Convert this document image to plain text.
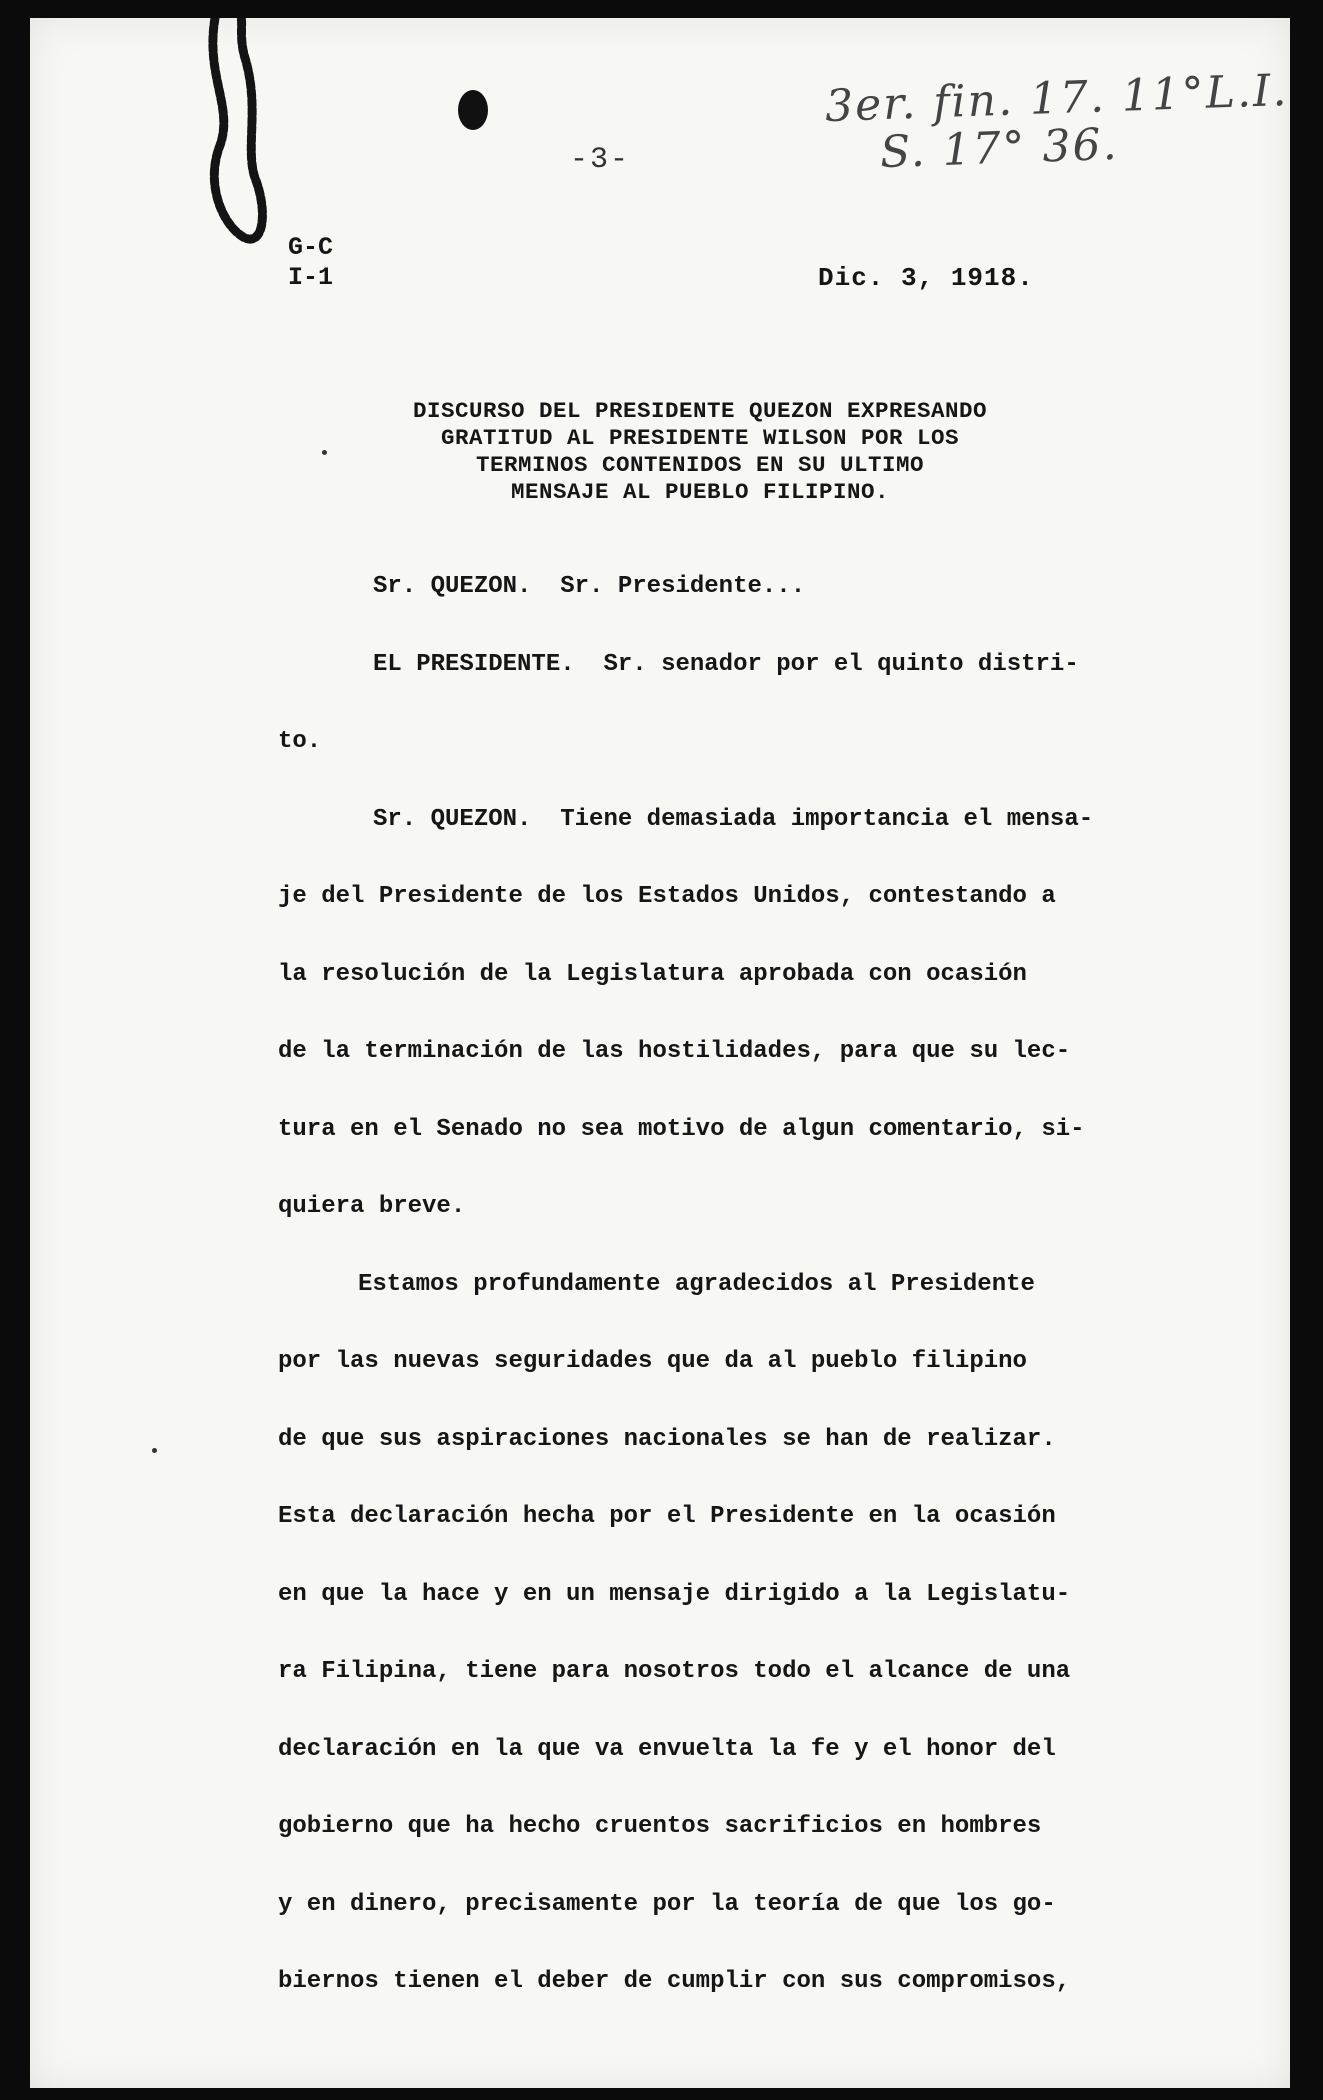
3er. fin. 17. 11°L.I.
S. 17° 36.
-3-
G-C
I-1	Dic. 3, 1918.
DISCURSO DEL PRESIDENTE QUEZON EXPRESANDO
GRATITUD AL PRESIDENTE WILSON POR LOS
TERMINOS CONTENIDOS EN SU ULTIMO
MENSAJE AL PUEBLO FILIPINO.
Sr. QUEZON. Sr. Presidente...
EL PRESIDENTE. Sr. senador por el quinto distri-
to.
Sr. QUEZON. Tiene demasiada importancia el mensa-
je del Presidente de los Estados Unidos, contestando a
la resolución de la Legislatura aprobada con ocasión
de la terminación de las hostilidades, para que su lec-
tura en el Senado no sea motivo de algun comentario, si-
quiera breve.
Estamos profundamente agradecidos al Presidente
por las nuevas seguridades que da al pueblo filipino
de que sus aspiraciones nacionales se han de realizar.
Esta declaración hecha por el Presidente en la ocasión
en que la hace y en un mensaje dirigido a la Legislatu-
ra Filipina, tiene para nosotros todo el alcance de una
declaración en la que va envuelta la fe y el honor del
gobierno que ha hecho cruentos sacrificios en hombres
y en dinero, precisamente por la teoría de que los go-
biernos tienen el deber de cumplir con sus compromisos,
